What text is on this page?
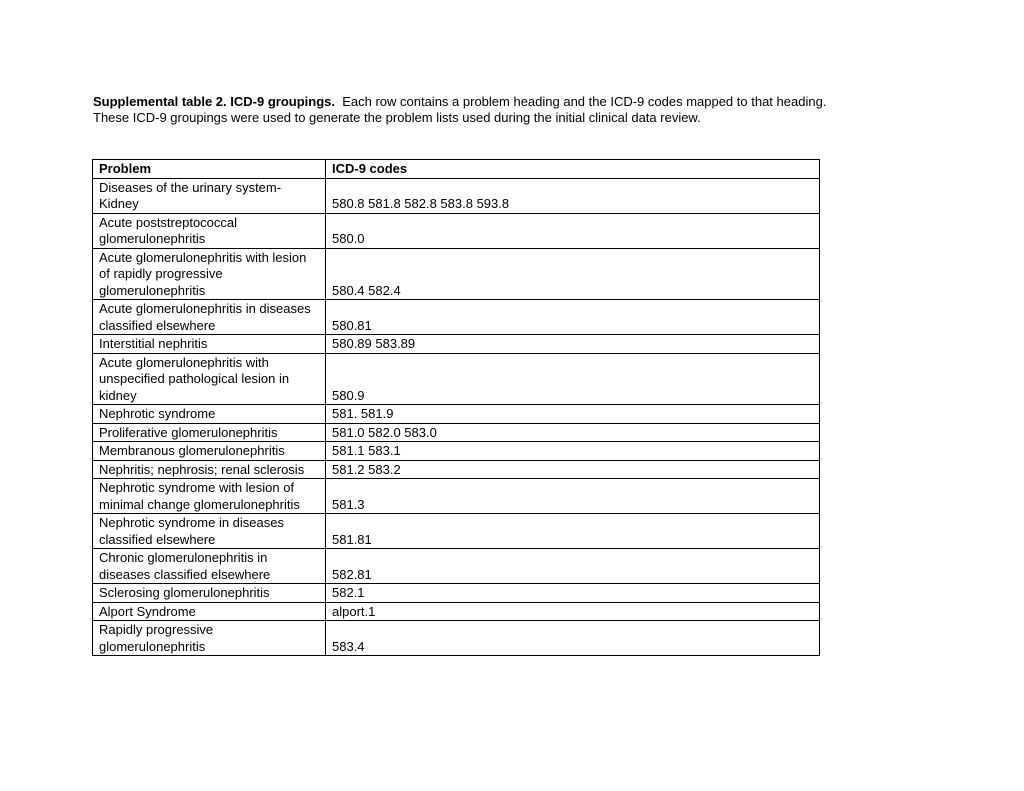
Supplemental table 2. ICD-9 groupings.  Each row contains a problem heading and the ICD-9 codes mapped to that heading.
These ICD-9 groupings were used to generate the problem lists used during the initial clinical data review.
Problem	ICD-9 codes
Diseases of the urinary system-Kidney	580.8 581.8 582.8 583.8 593.8
Acute poststreptococcal glomerulonephritis	580.0
Acute glomerulonephritis with lesion of rapidly progressive glomerulonephritis	580.4 582.4
Acute glomerulonephritis in diseases classified elsewhere	580.81
Interstitial nephritis	580.89 583.89
Acute glomerulonephritis with unspecified pathological lesion in kidney	580.9
Nephrotic syndrome	581. 581.9
Proliferative glomerulonephritis	581.0 582.0 583.0
Membranous glomerulonephritis	581.1 583.1
Nephritis; nephrosis; renal sclerosis	581.2 583.2
Nephrotic syndrome with lesion of minimal change glomerulonephritis	581.3
Nephrotic syndrome in diseases classified elsewhere	581.81
Chronic glomerulonephritis in diseases classified elsewhere	582.81
Sclerosing glomerulonephritis	582.1
Alport Syndrome	alport.1
Rapidly progressive glomerulonephritis	583.4
